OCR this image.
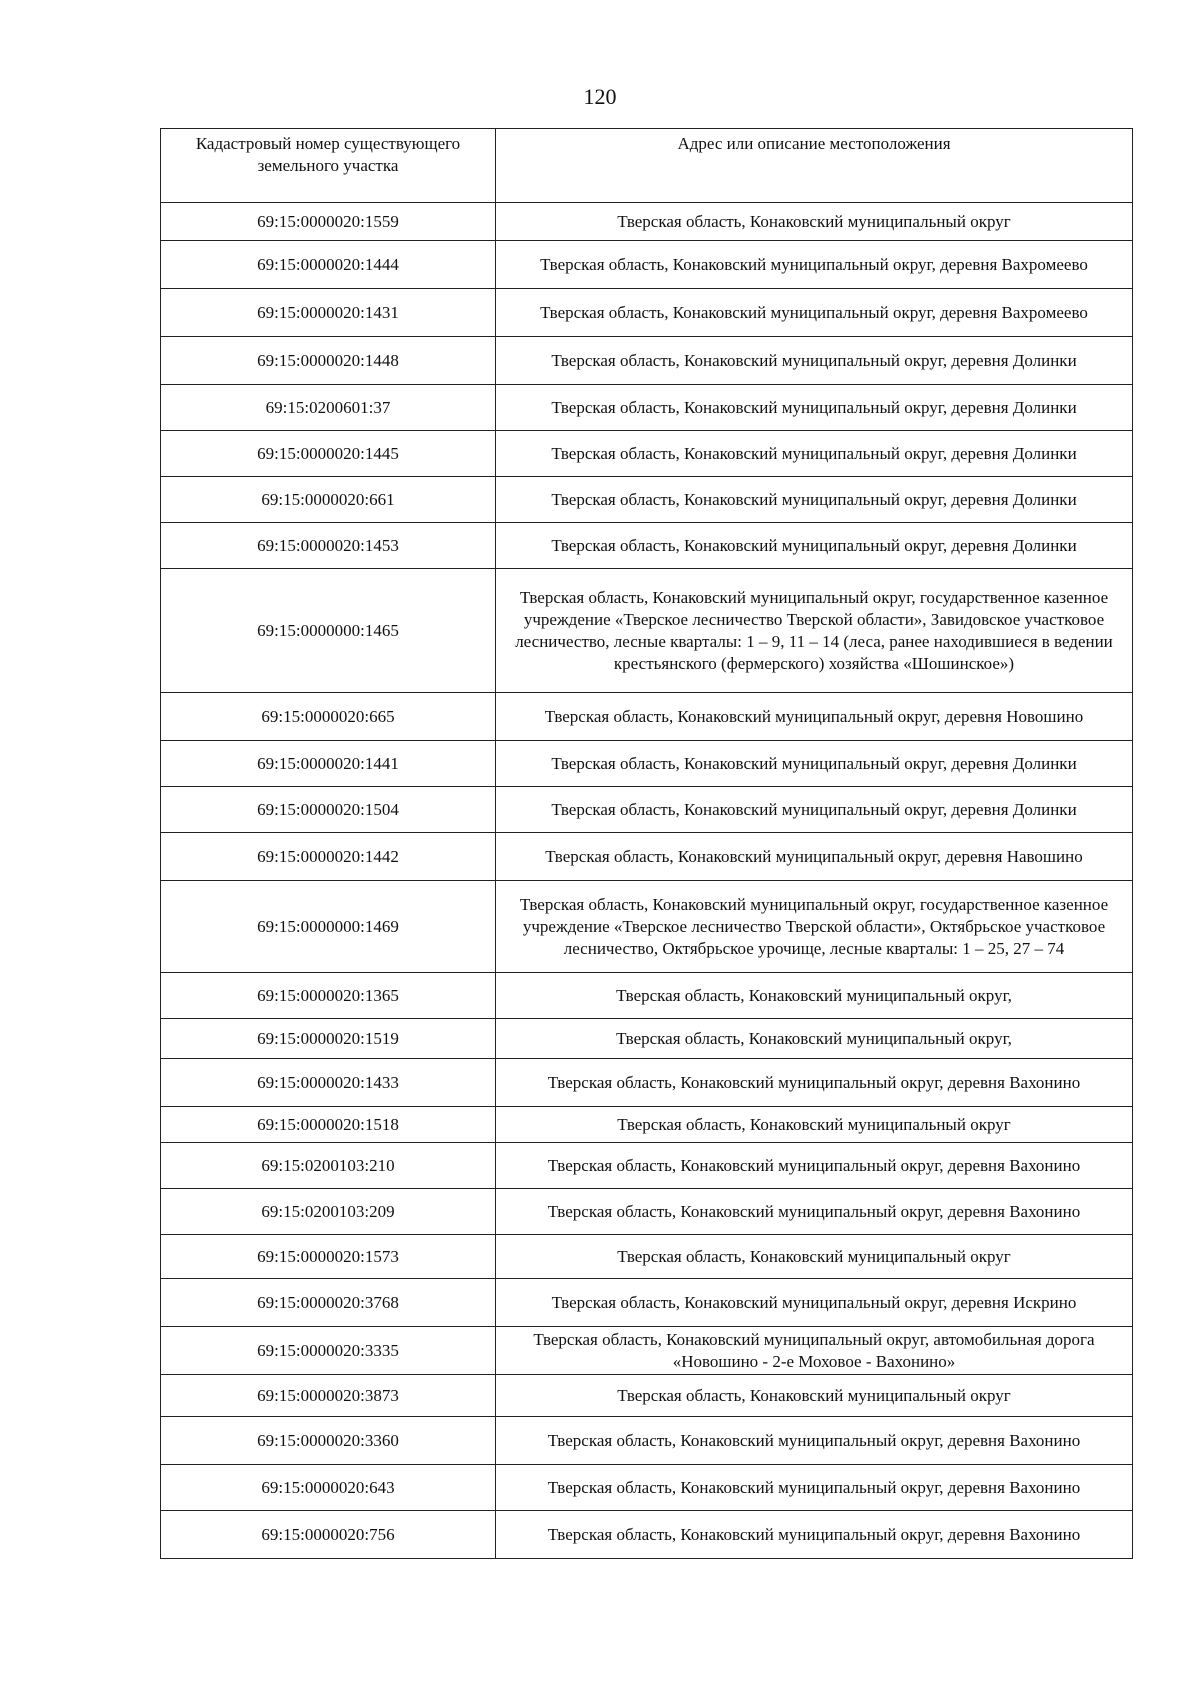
120
Кадастровый номер существующего земельного участка	Адрес или описание местоположения
69:15:0000020:1559	Тверская область, Конаковский муниципальный округ
69:15:0000020:1444	Тверская область, Конаковский муниципальный округ, деревня Вахромеево
69:15:0000020:1431	Тверская область, Конаковский муниципальный округ, деревня Вахромеево
69:15:0000020:1448	Тверская область, Конаковский муниципальный округ, деревня Долинки
69:15:0200601:37	Тверская область, Конаковский муниципальный округ, деревня Долинки
69:15:0000020:1445	Тверская область, Конаковский муниципальный округ, деревня Долинки
69:15:0000020:661	Тверская область, Конаковский муниципальный округ, деревня Долинки
69:15:0000020:1453	Тверская область, Конаковский муниципальный округ, деревня Долинки
69:15:0000000:1465	Тверская область, Конаковский муниципальный округ, государственное казенное учреждение «Тверское лесничество Тверской области», Завидовское участковое лесничество, лесные кварталы: 1 – 9, 11 – 14 (леса, ранее находившиеся в ведении крестьянского (фермерского) хозяйства «Шошинское»)
69:15:0000020:665	Тверская область, Конаковский муниципальный округ, деревня Новошино
69:15:0000020:1441	Тверская область, Конаковский муниципальный округ, деревня Долинки
69:15:0000020:1504	Тверская область, Конаковский муниципальный округ, деревня Долинки
69:15:0000020:1442	Тверская область, Конаковский муниципальный округ, деревня Навошино
69:15:0000000:1469	Тверская область, Конаковский муниципальный округ, государственное казенное учреждение «Тверское лесничество Тверской области», Октябрьское участковое лесничество, Октябрьское урочище, лесные кварталы: 1 – 25, 27 – 74
69:15:0000020:1365	Тверская область, Конаковский муниципальный округ,
69:15:0000020:1519	Тверская область, Конаковский муниципальный округ,
69:15:0000020:1433	Тверская область, Конаковский муниципальный округ, деревня Вахонино
69:15:0000020:1518	Тверская область, Конаковский муниципальный округ
69:15:0200103:210	Тверская область, Конаковский муниципальный округ, деревня Вахонино
69:15:0200103:209	Тверская область, Конаковский муниципальный округ, деревня Вахонино
69:15:0000020:1573	Тверская область, Конаковский муниципальный округ
69:15:0000020:3768	Тверская область, Конаковский муниципальный округ, деревня Искрино
69:15:0000020:3335	Тверская область, Конаковский муниципальный округ, автомобильная дорога «Новошино - 2-е Моховое - Вахонино»
69:15:0000020:3873	Тверская область, Конаковский муниципальный округ
69:15:0000020:3360	Тверская область, Конаковский муниципальный округ, деревня Вахонино
69:15:0000020:643	Тверская область, Конаковский муниципальный округ, деревня Вахонино
69:15:0000020:756	Тверская область, Конаковский муниципальный округ, деревня Вахонино
